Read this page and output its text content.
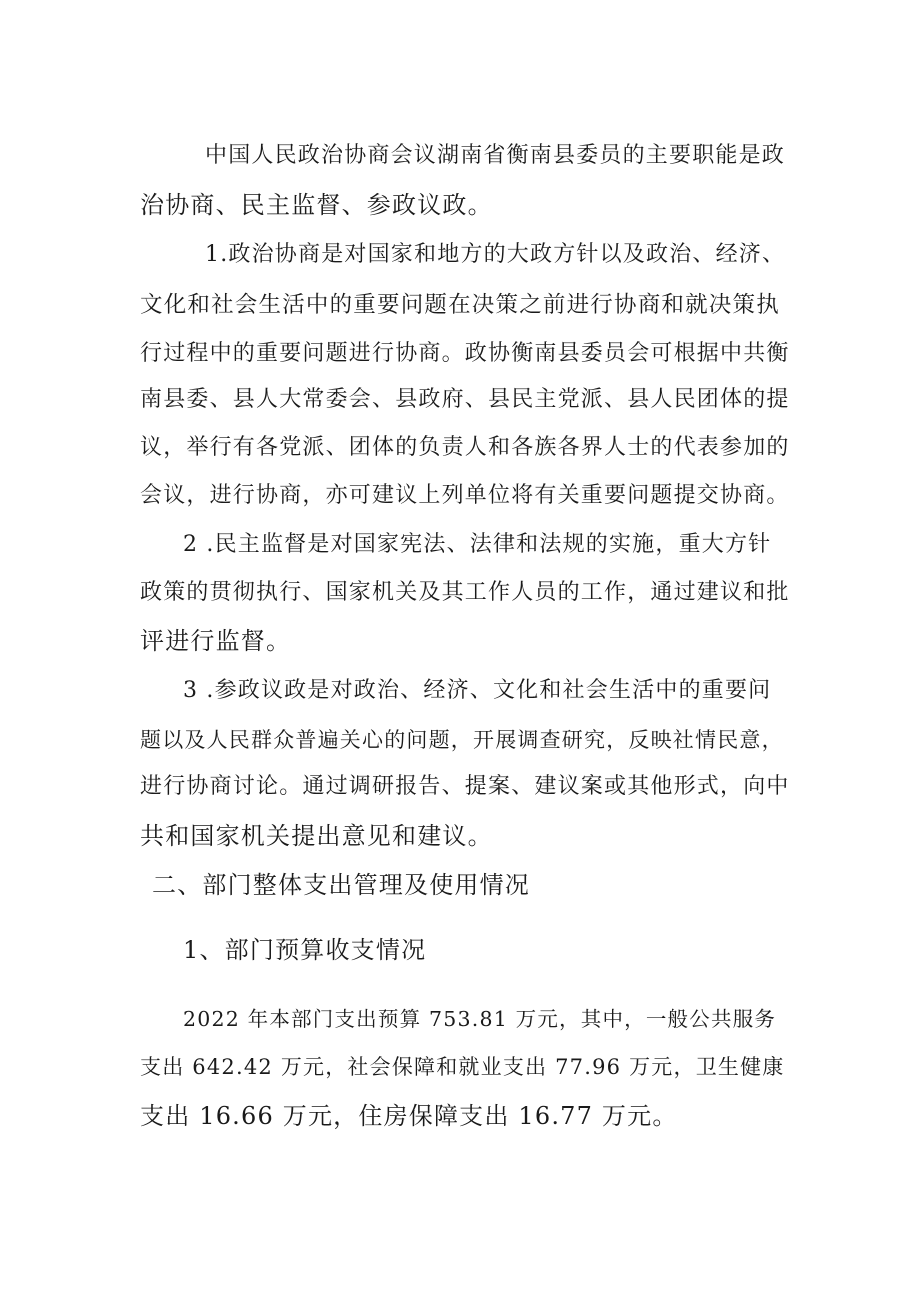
中国人民政治协商会议湖南省衡南县委员的主要职能是政
治协商、民主监督、参政议政。
1.政治协商是对国家和地方的大政方针以及政治、经济、
文化和社会生活中的重要问题在决策之前进行协商和就决策执
行过程中的重要问题进行协商。政协衡南县委员会可根据中共衡
南县委、县人大常委会、县政府、县民主党派、县人民团体的提
议，举行有各党派、团体的负责人和各族各界人士的代表参加的
会议，进行协商，亦可建议上列单位将有关重要问题提交协商。
2 .民主监督是对国家宪法、法律和法规的实施，重大方针
政策的贯彻执行、国家机关及其工作人员的工作，通过建议和批
评进行监督。
3 .参政议政是对政治、经济、文化和社会生活中的重要问
题以及人民群众普遍关心的问题，开展调查研究，反映社情民意，
进行协商讨论。通过调研报告、提案、建议案或其他形式，向中
共和国家机关提出意见和建议。
二、部门整体支出管理及使用情况
1、部门预算收支情况
2022 年本部门支出预算 753.81 万元，其中，一般公共服务
支出 642.42 万元，社会保障和就业支出 77.96 万元，卫生健康
支出 16.66 万元，住房保障支出 16.77 万元。
